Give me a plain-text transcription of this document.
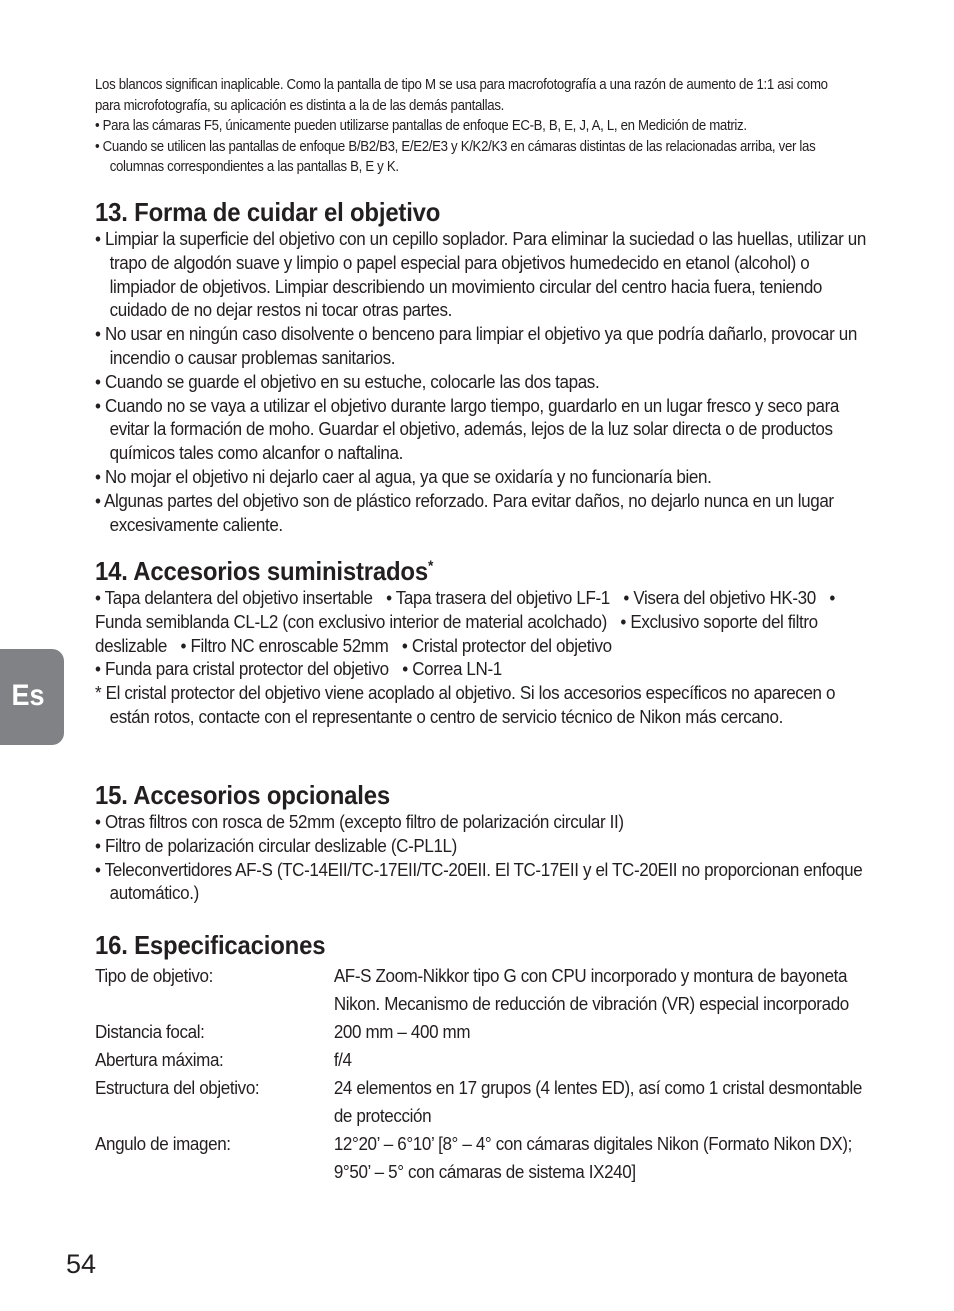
Los blancos significan inaplicable. Como la pantalla de tipo M se usa para macrofotografía a una razón de aumento de 1:1 asi como para microfotografía, su aplicación es distinta a la de las demás pantallas.

• Para las cámaras F5, únicamente pueden utilizarse pantallas de enfoque EC-B, B, E, J, A, L, en Medición de matriz.
• Cuando se utilicen las pantallas de enfoque B/B2/B3, E/E2/E3 y K/K2/K3 en cámaras distintas de las relacionadas arriba, ver las columnas correspondientes a las pantallas B, E y K.
13. Forma de cuidar el objetivo
• Limpiar la superficie del objetivo con un cepillo soplador. Para eliminar la suciedad o las huellas, utilizar un trapo de algodón suave y limpio o papel especial para objetivos humedecido en etanol (alcohol) o limpiador de objetivos. Limpiar describiendo un movimiento circular del centro hacia fuera, teniendo cuidado de no dejar restos ni tocar otras partes.
• No usar en ningún caso disolvente o benceno para limpiar el objetivo ya que podría dañarlo, provocar un incendio o causar problemas sanitarios.
• Cuando se guarde el objetivo en su estuche, colocarle las dos tapas.
• Cuando no se vaya a utilizar el objetivo durante largo tiempo, guardarlo en un lugar fresco y seco para evitar la formación de moho. Guardar el objetivo, además, lejos de la luz solar directa o de productos químicos tales como alcanfor o naftalina.
• No mojar el objetivo ni dejarlo caer al agua, ya que se oxidaría y no funcionaría bien.
• Algunas partes del objetivo son de plástico reforzado. Para evitar daños, no dejarlo nunca en un lugar excesivamente caliente.
14. Accesorios suministrados*
• Tapa delantera del objetivo insertable • Tapa trasera del objetivo LF-1 • Visera del objetivo HK-30 • Funda semiblanda CL-L2 (con exclusivo interior de material acolchado) • Exclusivo soporte del filtro deslizable • Filtro NC enroscable 52mm • Cristal protector del objetivo
• Funda para cristal protector del objetivo • Correa LN-1
* El cristal protector del objetivo viene acoplado al objetivo. Si los accesorios específicos no aparecen o están rotos, contacte con el representante o centro de servicio técnico de Nikon más cercano.
15. Accesorios opcionales
• Otras filtros con rosca de 52mm (excepto filtro de polarización circular II)
• Filtro de polarización circular deslizable (C-PL1L)
• Teleconvertidores AF-S (TC-14EII/TC-17EII/TC-20EII. El TC-17EII y el TC-20EII no proporcionan enfoque automático.)
16. Especificaciones
Tipo de objetivo:	AF-S Zoom-Nikkor tipo G con CPU incorporado y montura de bayoneta Nikon. Mecanismo de reducción de vibración (VR) especial incorporado
Distancia focal:	200 mm – 400 mm
Abertura máxima:	f/4
Estructura del objetivo:	24 elementos en 17 grupos (4 lentes ED), así como 1 cristal desmontable de protección
Angulo de imagen:	12°20’ – 6°10’ [8° – 4° con cámaras digitales Nikon (Formato Nikon DX); 9°50’ – 5° con cámaras de sistema IX240]
Es
54
